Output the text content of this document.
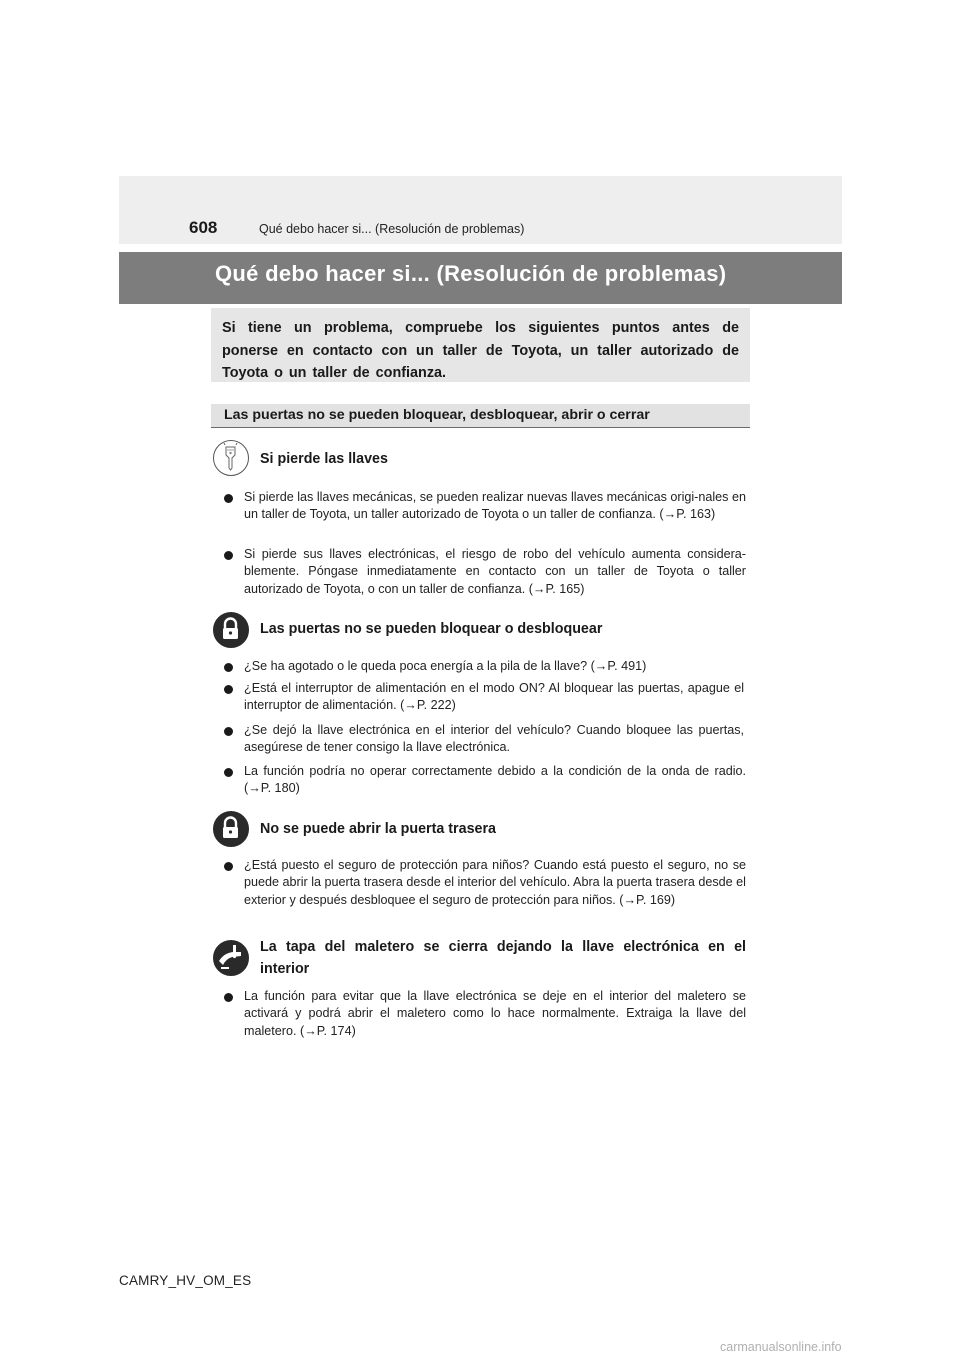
608	Qué debo hacer si... (Resolución de problemas)
Qué debo hacer si... (Resolución de problemas)
Si tiene un problema, compruebe los siguientes puntos antes de ponerse en contacto con un taller de Toyota, un taller autorizado de Toyota o un taller de confianza.
Las puertas no se pueden bloquear, desbloquear, abrir o cerrar
Si pierde las llaves
Si pierde las llaves mecánicas, se pueden realizar nuevas llaves mecánicas origi-nales en un taller de Toyota, un taller autorizado de Toyota o un taller de confianza. (→P. 163)
Si pierde sus llaves electrónicas, el riesgo de robo del vehículo aumenta considera-blemente. Póngase inmediatamente en contacto con un taller de Toyota o taller autorizado de Toyota, o con un taller de confianza. (→P. 165)
Las puertas no se pueden bloquear o desbloquear
¿Se ha agotado o le queda poca energía a la pila de la llave? (→P. 491)
¿Está el interruptor de alimentación en el modo ON? Al bloquear las puertas, apague el interruptor de alimentación. (→P. 222)
¿Se dejó la llave electrónica en el interior del vehículo? Cuando bloquee las puertas, asegúrese de tener consigo la llave electrónica.
La función podría no operar correctamente debido a la condición de la onda de radio. (→P. 180)
No se puede abrir la puerta trasera
¿Está puesto el seguro de protección para niños? Cuando está puesto el seguro, no se puede abrir la puerta trasera desde el interior del vehículo. Abra la puerta trasera desde el exterior y después desbloquee el seguro de protección para niños. (→P. 169)
La tapa del maletero se cierra dejando la llave electrónica en el interior
La función para evitar que la llave electrónica se deje en el interior del maletero se activará y podrá abrir el maletero como lo hace normalmente. Extraiga la llave del maletero. (→P. 174)
CAMRY_HV_OM_ES
carmanualsonline.info
